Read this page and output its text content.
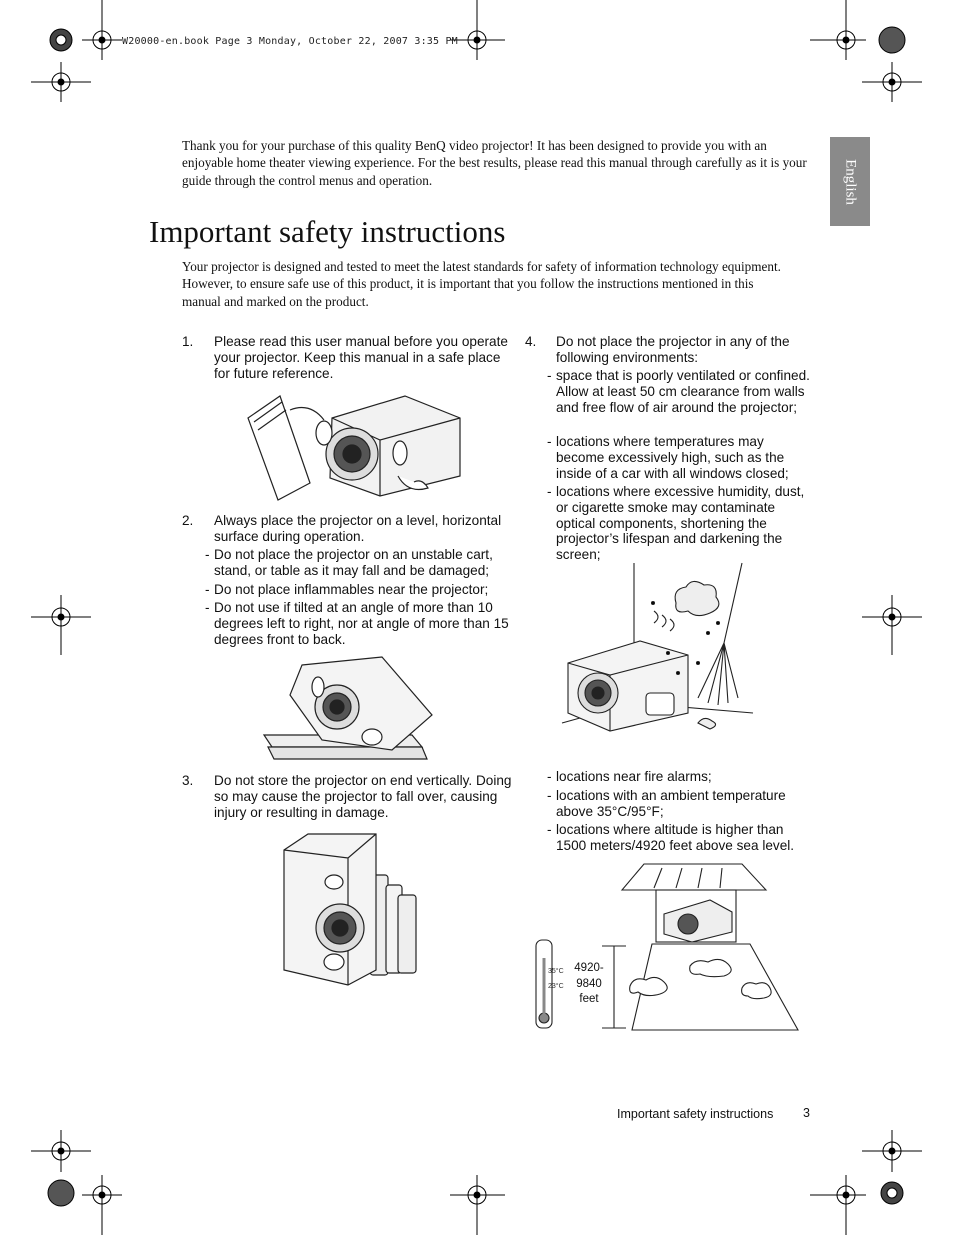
W20000-en.book Page 3 Monday, October 22, 2007 3:35 PM
English
Thank you for your purchase of this quality BenQ video projector! It has been designed to provide you with an enjoyable home theater viewing experience. For the best results, please read this manual through carefully as it is your guide through the control menus and operation.
Important safety instructions
Your projector is designed and tested to meet the latest standards for safety of information technology equipment. However, to ensure safe use of this product, it is important that you follow the instructions mentioned in this manual and marked on the product.
1. Please read this user manual before you operate your projector. Keep this manual in a safe place for future reference.
2. Always place the projector on a level, horizontal surface during operation.
- Do not place the projector on an unstable cart, stand, or table as it may fall and be damaged;
- Do not place inflammables near the projector;
- Do not use if tilted at an angle of more than 10 degrees left to right, nor at angle of more than 15 degrees front to back.
3. Do not store the projector on end vertically. Doing so may cause the projector to fall over, causing injury or resulting in damage.
4. Do not place the projector in any of the following environments:
- space that is poorly ventilated or confined. Allow at least 50 cm clearance from walls and free flow of air around the projector;
- locations where temperatures may become excessively high, such as the inside of a car with all windows closed;
- locations where excessive humidity, dust, or cigarette smoke may contaminate optical components, shortening the projector’s lifespan and darkening the screen;
- locations near fire alarms;
- locations with an ambient temperature above 35°C/95°F;
- locations where altitude is higher than 1500 meters/4920 feet above sea level.
35°C
23°C
4920-
9840
feet
Important safety instructions 3
